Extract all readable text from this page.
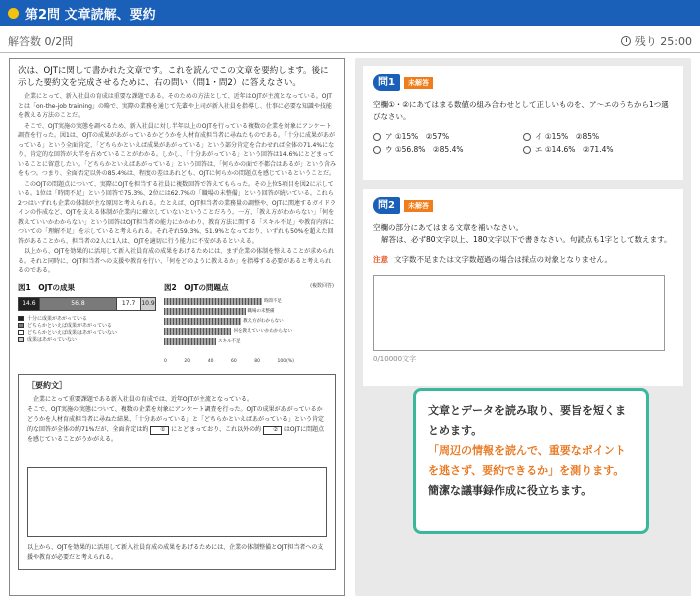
第2問 文章読解、要約
解答数 0/2問	残り 25:00

次は、OJTに関して書かれた文章です。これを読んでこの文章を要約します。後に示した要約文を完成させるために、右の問い（問1・問2）に答えなさい。

企業にとって、新入社員の育成は重要な課題である。そのための方法として、近年はOJTが主流となっている。OJTとは「on-the-job training」の略で、実際の業務を通じて先輩や上司が新入社員を指導し、仕事に必要な知識や技能を教える方法のことだ。

そこで、OJT実施の実態を調べるため、新入社員に対し半年以上のOJTを行っている複数の企業を対象にアンケート調査を行った。図1は、OJTの成果があがっているかどうかを人材育成担当者に尋ねたものである。「十分に成果があがっている」という全面肯定、「どちらかといえば成果があがっている」という部分肯定を合わせれば全体の71.4%になり、肯定的な回答が大半を占めていることがわかる。しかし、「十分あがっている」という回答は14.6%にとどまっていることに留意したい。「どちらかといえばあがっている」という回答は、「何らかの面で不都合はあるが」という含みをもつ。つまり、全面否定以外の85.4%は、程度の差はあれども、OJTに何らかの問題点を感じているということだ。

このOJTの問題点について、実際にOJTを担当する社員に複数回答で答えてもらった。その上位5項目を図2に示している。1位は「時間不足」という回答で75.3%、2位には62.7%の「職場の未整備」という回答が続いている。これら2つはいずれも企業の体制が主な原因と考えられる。たとえば、OJT担当者の業務量の調整や、OJTに関連するガイドラインの作成など、OJTを支える体制が企業内に確立していないということだろう。一方、「教え方がわからない」「何を教えていいかわからない」という回答はOJT担当者の能力にかかわり、教育方法に関する「スキル不足」や教育内容についての「理解不足」を示していると考えられる。それぞれ59.3%、51.9%となっており、いずれも50%を超えた回答があることから、担当者の2人に1人は、OJTを適切に行う能力に不安があるといえる。

以上から、OJTを効果的に活用して新入社員育成の成果をあげるためには、まず企業の体制を整えることが求められる。それと同時に、OJT担当者への支援や教育を行い、「何をどのように教えるか」を指導する必要があると考えられるのである。

図1　OJTの成果
14.6	56.8	17.7	10.9
十分に成果があがっている
どちらかといえば成果があがっている
どちらかといえば成果はあがっていない
成果はあがっていない
図2　OJTの問題点	(複数回答)
時間不足
職場の未整備
教え方がわからない
何を教えていいかわからない
スキル不足
0	20	40	60	80	100(%)
［要約文］

企業にとって重要課題である新入社員の育成では、近年OJTが主流となっている。
そこで、OJT実施の実態について、複数の企業を対象にアンケート調査を行った。OJTの成果があがっているかどうかを人材育成担当者に尋ねた結果、「十分あがっている」と「どちらかといえばあがっている」という肯定的な回答が全体の約71%だが、全面肯定は約 ① にとどまっており、これ以外の約 ② はOJTに問題点を感じていることがうかがえる。

以上から、OJTを効果的に活用して新入社員育成の成果をあげるためには、企業の体制整備とOJT担当者への支援や教育が必要だと考えられる。

問1	未解答

空欄①・②にあてはまる数値の組み合わせとして正しいものを、ア〜エのうちから1つ選びなさい。

ア ①15%　②57%	イ ①15%　②85%
ウ ①56.8%　②85.4%	エ ①14.6%　②71.4%
問2	未解答

空欄の部分にあてはまる文章を補いなさい。

解答は、必ず80文字以上、180文字以下で書きなさい。句読点も1字として数えます。

注意 文字数不足または文字数超過の場合は採点の対象となりません。

0/10000文字

文章とデータを読み取り、要旨を短くまとめます。

「周辺の情報を読んで、重要なポイントを逃さず、要約できるか」を測ります。

簡潔な議事録作成に役立ちます。
